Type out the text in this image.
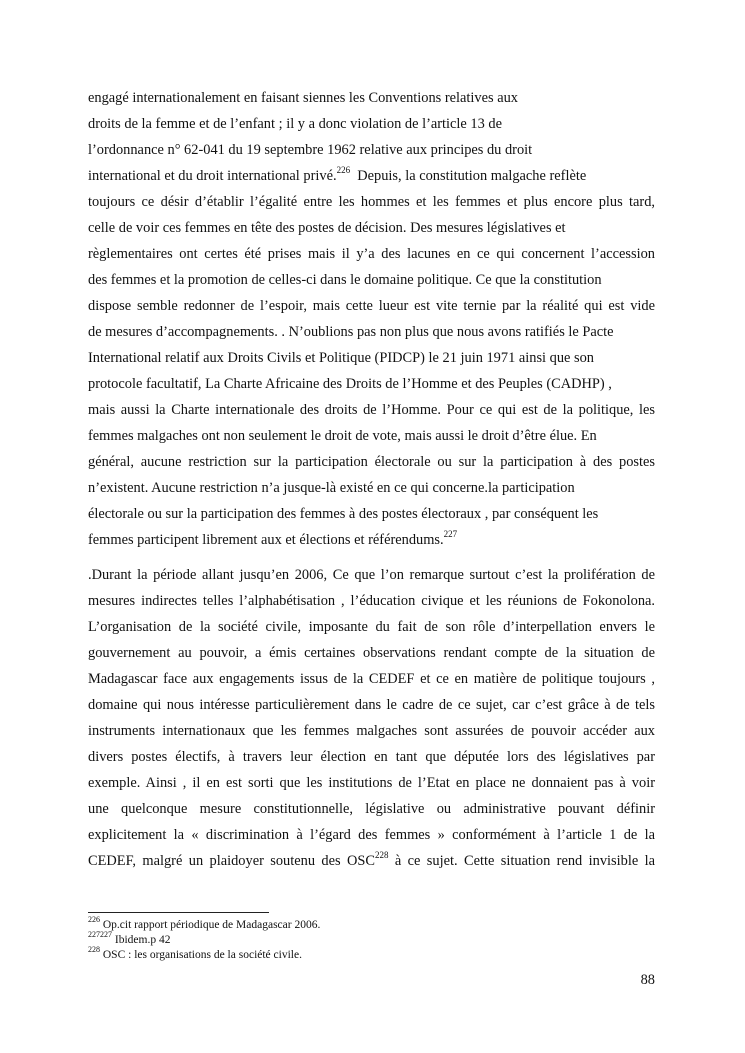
engagé internationalement en faisant siennes les Conventions relatives aux
droits de la femme et de l’enfant ; il y a donc violation de l’article 13 de
l’ordonnance n° 62-041 du 19 septembre 1962 relative aux principes du droit
international et du droit international privé.$^{226}$  Depuis, la constitution malgache reflète
toujours ce désir d’établir l’égalité entre les hommes et les femmes et plus encore plus tard,
celle de voir ces femmes en tête des postes de décision. Des mesures législatives et
règlementaires ont certes été prises mais il y’a des lacunes en ce qui concernent l’accession
des femmes et la promotion de celles-ci dans le domaine politique. Ce que la constitution
dispose semble redonner de l’espoir, mais cette lueur est vite ternie par la réalité qui est vide
de mesures d’accompagnements. . N’oublions pas non plus que nous avons ratifiés le Pacte
International relatif aux Droits Civils et Politique (PIDCP) le 21 juin 1971 ainsi que son
protocole facultatif, La Charte Africaine des Droits de l’Homme et des Peuples (CADHP) ,
mais aussi la Charte internationale des droits de l’Homme. Pour ce qui est de la politique, les
femmes malgaches ont non seulement le droit de vote, mais aussi le droit d’être élue. En
général, aucune restriction sur la participation électorale ou sur la participation à des postes
n’existent. Aucune restriction n’a jusque-là existé en ce qui concerne.la participation
électorale ou sur la participation des femmes à des postes électoraux , par conséquent les
femmes participent librement aux et élections et référendums.$^{227}$
.Durant la période allant jusqu’en 2006, Ce que l’on remarque surtout c’est la prolifération de
mesures indirectes telles l’alphabétisation , l’éducation civique et les réunions de Fokonolona.
L’organisation de la société civile, imposante du fait de son rôle d’interpellation envers le
gouvernement au pouvoir, a émis certaines observations rendant compte de la situation de
Madagascar face aux engagements issus de la CEDEF et ce en matière de politique toujours ,
domaine qui nous intéresse particulièrement dans le cadre de ce sujet, car c’est grâce à de tels
instruments internationaux que les femmes malgaches sont assurées de pouvoir accéder aux
divers postes électifs, à travers leur élection en tant que députée lors des législatives par
exemple. Ainsi , il en est sorti que les institutions de l’Etat en place ne donnaient pas à voir
une quelconque mesure constitutionnelle, législative ou administrative pouvant définir
explicitement la « discrimination à l’égard des femmes » conformément à l’article 1 de la
CEDEF, malgré un plaidoyer soutenu des OSC$^{228}$ à ce sujet. Cette situation rend invisible la
$^{226}$ Op.cit rapport périodique de Madagascar 2006.
$^{227227}$ Ibidem.p 42
$^{228}$ OSC : les organisations de la société civile.
88
